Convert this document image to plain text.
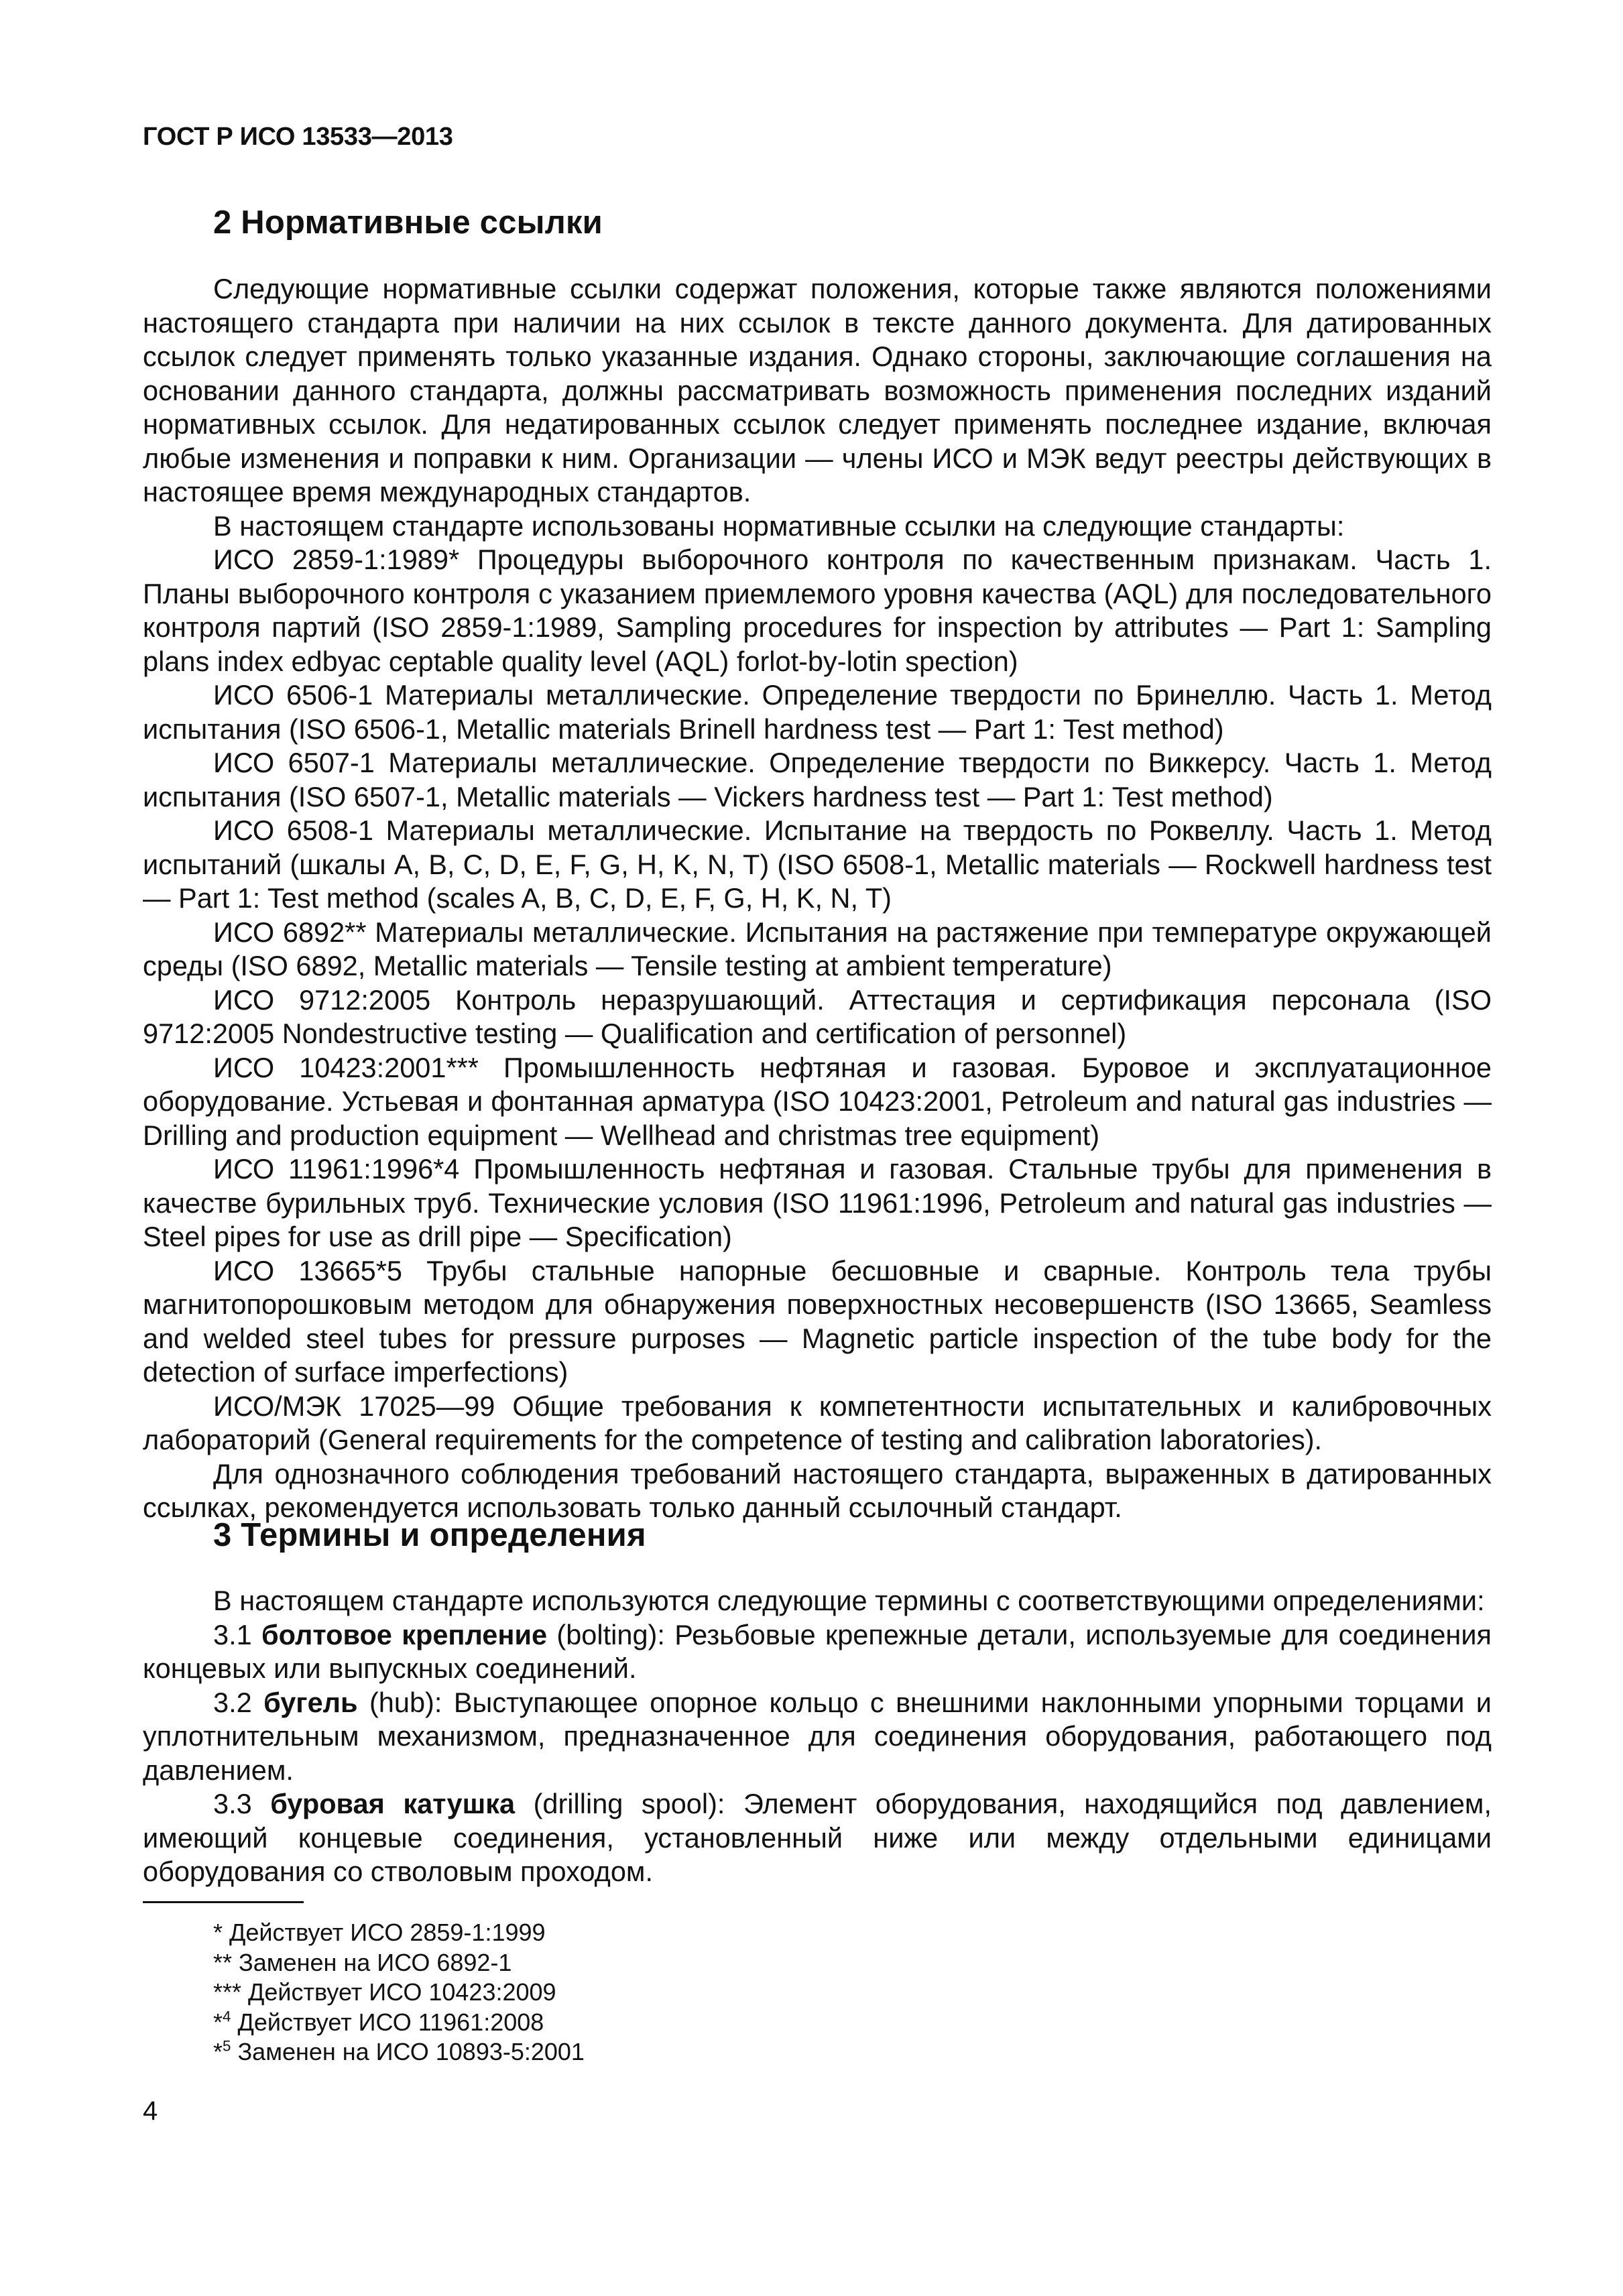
ГОСТ Р ИСО 13533—2013
2 Нормативные ссылки

Следующие нормативные ссылки содержат положения, которые также являются положениями настоящего стандарта при наличии на них ссылок в тексте данного документа. Для датированных ссылок следует применять только указанные издания. Однако стороны, заключающие соглашения на основании данного стандарта, должны рассматривать возможность применения последних изданий нормативных ссылок. Для недатированных ссылок следует применять последнее издание, включая любые изменения и поправки к ним. Организации — члены ИСО и МЭК ведут реестры действующих в настоящее время международных стандартов.

В настоящем стандарте использованы нормативные ссылки на следующие стандарты:

ИСО 2859-1:1989* Процедуры выборочного контроля по качественным признакам. Часть 1. Планы выборочного контроля с указанием приемлемого уровня качества (AQL) для последовательного контроля партий (ISO 2859-1:1989, Sampling procedures for inspection by attributes — Part 1: Sampling plans index edbyac ceptable quality level (AQL) forlot-by-lotin spection)

ИСО 6506-1 Материалы металлические. Определение твердости по Бринеллю. Часть 1. Метод испытания (ISO 6506-1, Metallic materials Brinell hardness test — Part 1: Test method)

ИСО 6507-1 Материалы металлические. Определение твердости по Виккерсу. Часть 1. Метод испытания (ISO 6507-1, Metallic materials — Vickers hardness test — Part 1: Test method)

ИСО 6508-1 Материалы металлические. Испытание на твердость по Роквеллу. Часть 1. Метод испытаний (шкалы A, B, C, D, E, F, G, H, K, N, T) (ISO 6508-1, Metallic materials — Rockwell hardness test — Part 1: Test method (scales A, B, C, D, E, F, G, H, K, N, T)

ИСО 6892** Материалы металлические. Испытания на растяжение при температуре окружающей среды (ISO 6892, Metallic materials — Tensile testing at ambient temperature)

ИСО 9712:2005 Контроль неразрушающий. Аттестация и сертификация персонала (ISO 9712:2005 Nondestructive testing — Qualification and certification of personnel)

ИСО 10423:2001*** Промышленность нефтяная и газовая. Буровое и эксплуатационное оборудование. Устьевая и фонтанная арматура (ISO 10423:2001, Petroleum and natural gas industries — Drilling and production equipment — Wellhead and christmas tree equipment)

ИСО 11961:1996*4 Промышленность нефтяная и газовая. Стальные трубы для применения в качестве бурильных труб. Технические условия (ISO 11961:1996, Petroleum and natural gas industries — Steel pipes for use as drill pipe — Specification)

ИСО 13665*5 Трубы стальные напорные бесшовные и сварные. Контроль тела трубы магнитопорошковым методом для обнаружения поверхностных несовершенств (ISO 13665, Seamless and welded steel tubes for pressure purposes — Magnetic particle inspection of the tube body for the detection of surface imperfections)

ИСО/МЭК 17025—99 Общие требования к компетентности испытательных и калибровочных лабораторий (General requirements for the competence of testing and calibration laboratories).

Для однозначного соблюдения требований настоящего стандарта, выраженных в датированных ссылках, рекомендуется использовать только данный ссылочный стандарт.

3 Термины и определения

В настоящем стандарте используются следующие термины с соответствующими определениями:

3.1 болтовое крепление (bolting): Резьбовые крепежные детали, используемые для соединения концевых или выпускных соединений.

3.2 бугель (hub): Выступающее опорное кольцо с внешними наклонными упорными торцами и уплотнительным механизмом, предназначенное для соединения оборудования, работающего под давлением.

3.3 буровая катушка (drilling spool): Элемент оборудования, находящийся под давлением, имеющий концевые соединения, установленный ниже или между отдельными единицами оборудования со стволовым проходом.

* Действует ИСО 2859-1:1999
** Заменен на ИСО 6892-1
*** Действует ИСО 10423:2009
*$^4$ Действует ИСО 11961:2008
*$^5$ Заменен на ИСО 10893-5:2001
4
